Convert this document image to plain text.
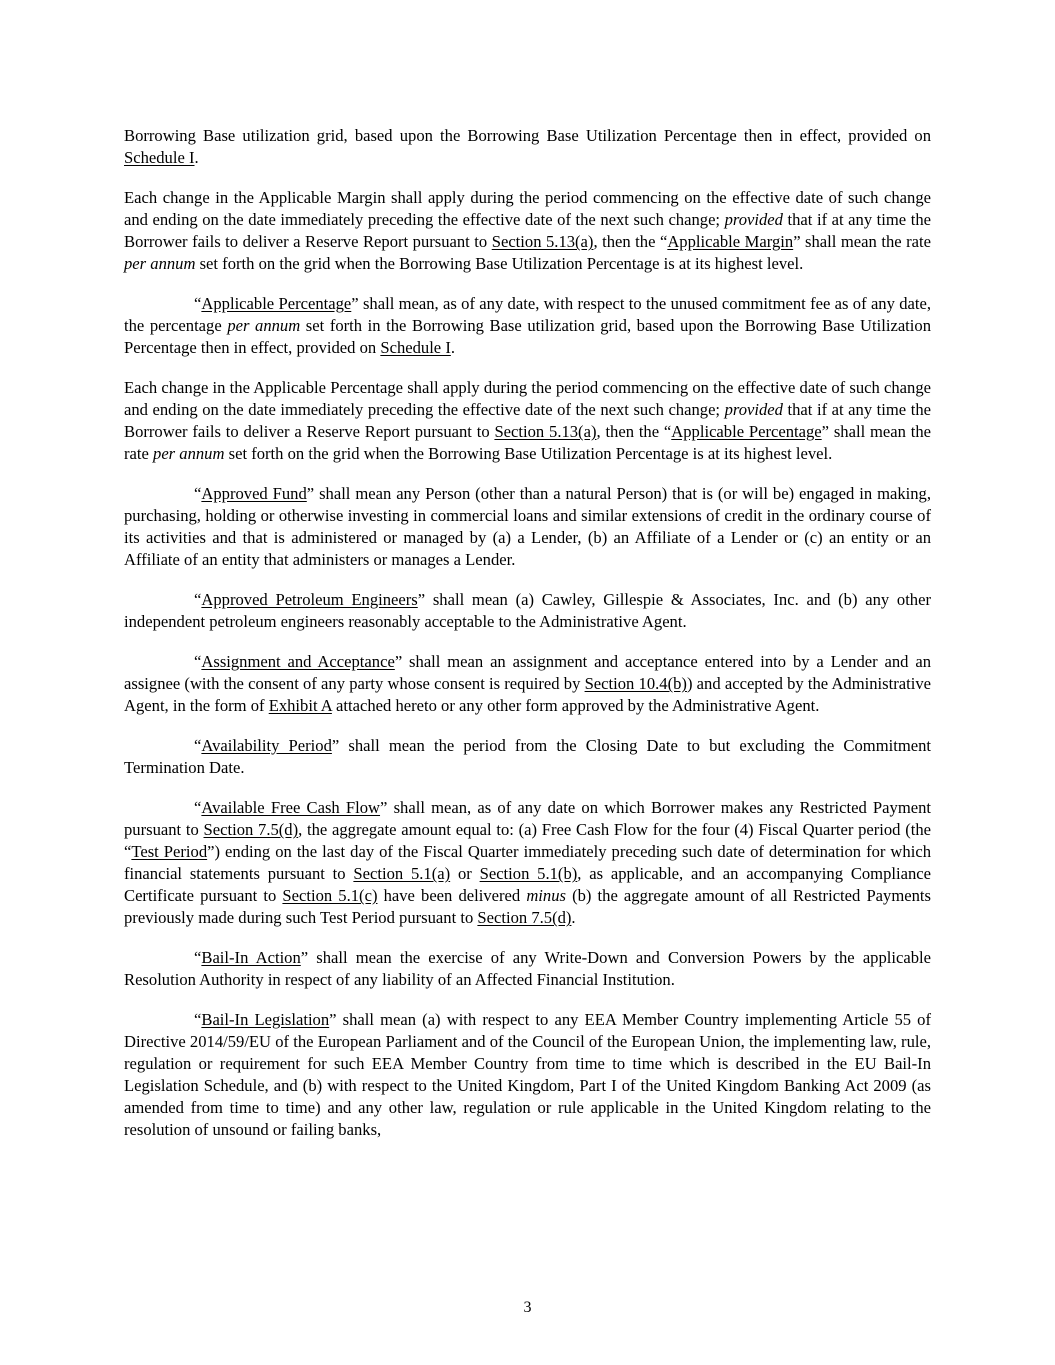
Borrowing Base utilization grid, based upon the Borrowing Base Utilization Percentage then in effect, provided on Schedule I.

Each change in the Applicable Margin shall apply during the period commencing on the effective date of such change and ending on the date immediately preceding the effective date of the next such change; provided that if at any time the Borrower fails to deliver a Reserve Report pursuant to Section 5.13(a), then the “Applicable Margin” shall mean the rate per annum set forth on the grid when the Borrowing Base Utilization Percentage is at its highest level.

“Applicable Percentage” shall mean, as of any date, with respect to the unused commitment fee as of any date, the percentage per annum set forth in the Borrowing Base utilization grid, based upon the Borrowing Base Utilization Percentage then in effect, provided on Schedule I.

Each change in the Applicable Percentage shall apply during the period commencing on the effective date of such change and ending on the date immediately preceding the effective date of the next such change; provided that if at any time the Borrower fails to deliver a Reserve Report pursuant to Section 5.13(a), then the “Applicable Percentage” shall mean the rate per annum set forth on the grid when the Borrowing Base Utilization Percentage is at its highest level.

“Approved Fund” shall mean any Person (other than a natural Person) that is (or will be) engaged in making, purchasing, holding or otherwise investing in commercial loans and similar extensions of credit in the ordinary course of its activities and that is administered or managed by (a) a Lender, (b) an Affiliate of a Lender or (c) an entity or an Affiliate of an entity that administers or manages a Lender.

“Approved Petroleum Engineers” shall mean (a) Cawley, Gillespie & Associates, Inc. and (b) any other independent petroleum engineers reasonably acceptable to the Administrative Agent.

“Assignment and Acceptance” shall mean an assignment and acceptance entered into by a Lender and an assignee (with the consent of any party whose consent is required by Section 10.4(b)) and accepted by the Administrative Agent, in the form of Exhibit A attached hereto or any other form approved by the Administrative Agent.

“Availability Period” shall mean the period from the Closing Date to but excluding the Commitment Termination Date.

“Available Free Cash Flow” shall mean, as of any date on which Borrower makes any Restricted Payment pursuant to Section 7.5(d), the aggregate amount equal to: (a) Free Cash Flow for the four (4) Fiscal Quarter period (the “Test Period”) ending on the last day of the Fiscal Quarter immediately preceding such date of determination for which financial statements pursuant to Section 5.1(a) or Section 5.1(b), as applicable, and an accompanying Compliance Certificate pursuant to Section 5.1(c) have been delivered minus (b) the aggregate amount of all Restricted Payments previously made during such Test Period pursuant to Section 7.5(d).

“Bail-In Action” shall mean the exercise of any Write-Down and Conversion Powers by the applicable Resolution Authority in respect of any liability of an Affected Financial Institution.

“Bail-In Legislation” shall mean (a) with respect to any EEA Member Country implementing Article 55 of Directive 2014/59/EU of the European Parliament and of the Council of the European Union, the implementing law, rule, regulation or requirement for such EEA Member Country from time to time which is described in the EU Bail-In Legislation Schedule, and (b) with respect to the United Kingdom, Part I of the United Kingdom Banking Act 2009 (as amended from time to time) and any other law, regulation or rule applicable in the United Kingdom relating to the resolution of unsound or failing banks,

3
